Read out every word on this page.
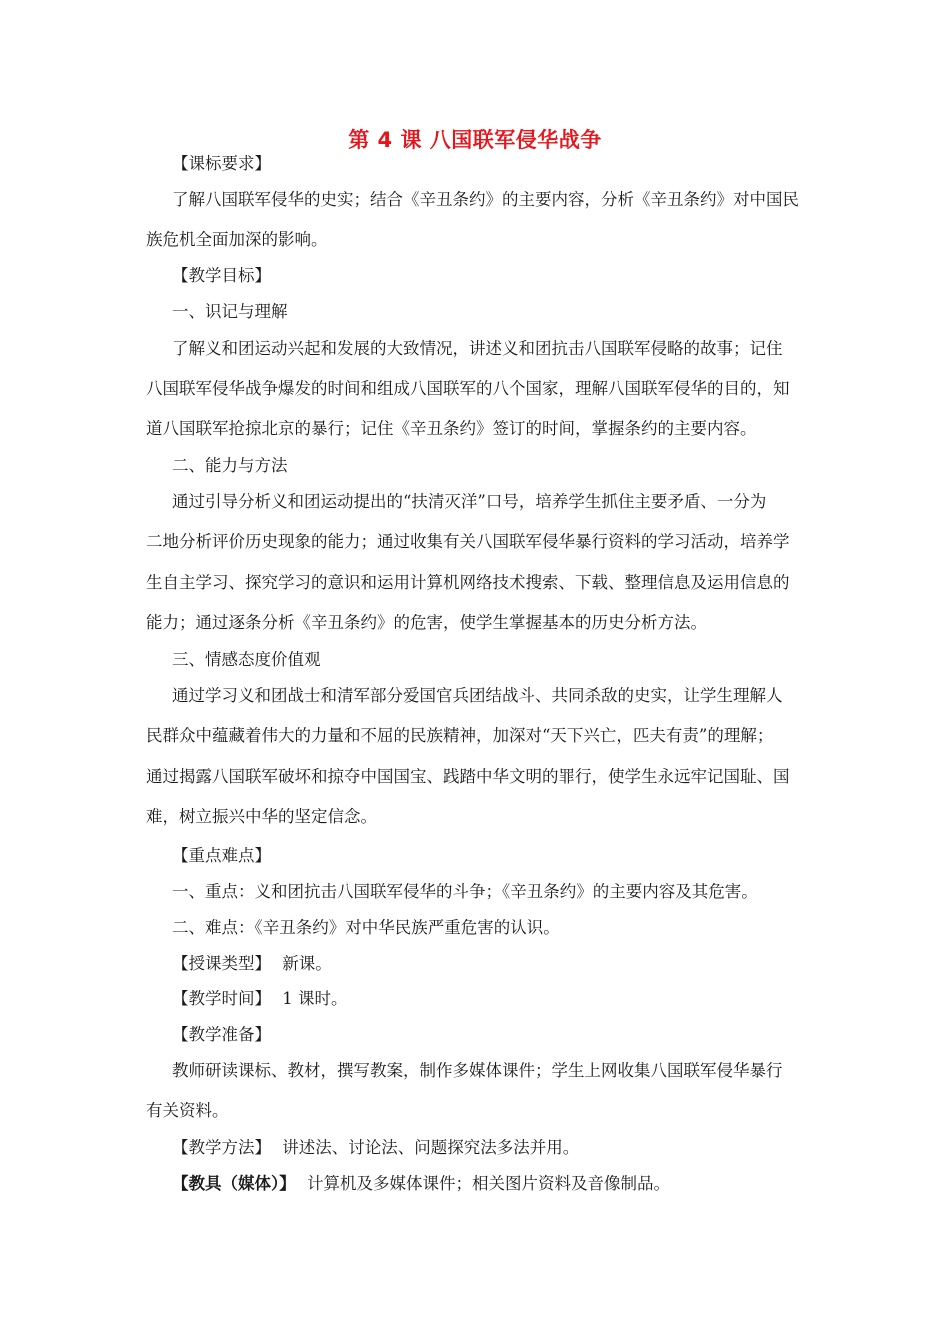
第 4 课 八国联军侵华战争
【课标要求】
了解八国联军侵华的史实；结合《辛丑条约》的主要内容，分析《辛丑条约》对中国民
族危机全面加深的影响。
【教学目标】
一、识记与理解
了解义和团运动兴起和发展的大致情况，讲述义和团抗击八国联军侵略的故事；记住
八国联军侵华战争爆发的时间和组成八国联军的八个国家，理解八国联军侵华的目的，知
道八国联军抢掠北京的暴行；记住《辛丑条约》签订的时间，掌握条约的主要内容。
二、能力与方法
通过引导分析义和团运动提出的“扶清灭洋”口号，培养学生抓住主要矛盾、一分为
二地分析评价历史现象的能力；通过收集有关八国联军侵华暴行资料的学习活动，培养学
生自主学习、探究学习的意识和运用计算机网络技术搜索、下载、整理信息及运用信息的
能力；通过逐条分析《辛丑条约》的危害，使学生掌握基本的历史分析方法。
三、情感态度价值观
通过学习义和团战士和清军部分爱国官兵团结战斗、共同杀敌的史实，让学生理解人
民群众中蕴藏着伟大的力量和不屈的民族精神，加深对“天下兴亡，匹夫有责”的理解；
通过揭露八国联军破坏和掠夺中国国宝、践踏中华文明的罪行，使学生永远牢记国耻、国
难，树立振兴中华的坚定信念。
【重点难点】
一、重点：义和团抗击八国联军侵华的斗争；《辛丑条约》的主要内容及其危害。
二、难点：《辛丑条约》对中华民族严重危害的认识。
【授课类型】 新课。
【教学时间】 1 课时。
【教学准备】
教师研读课标、教材，撰写教案，制作多媒体课件；学生上网收集八国联军侵华暴行
有关资料。
【教学方法】 讲述法、讨论法、问题探究法多法并用。
【教具（媒体）】 计算机及多媒体课件；相关图片资料及音像制品。
